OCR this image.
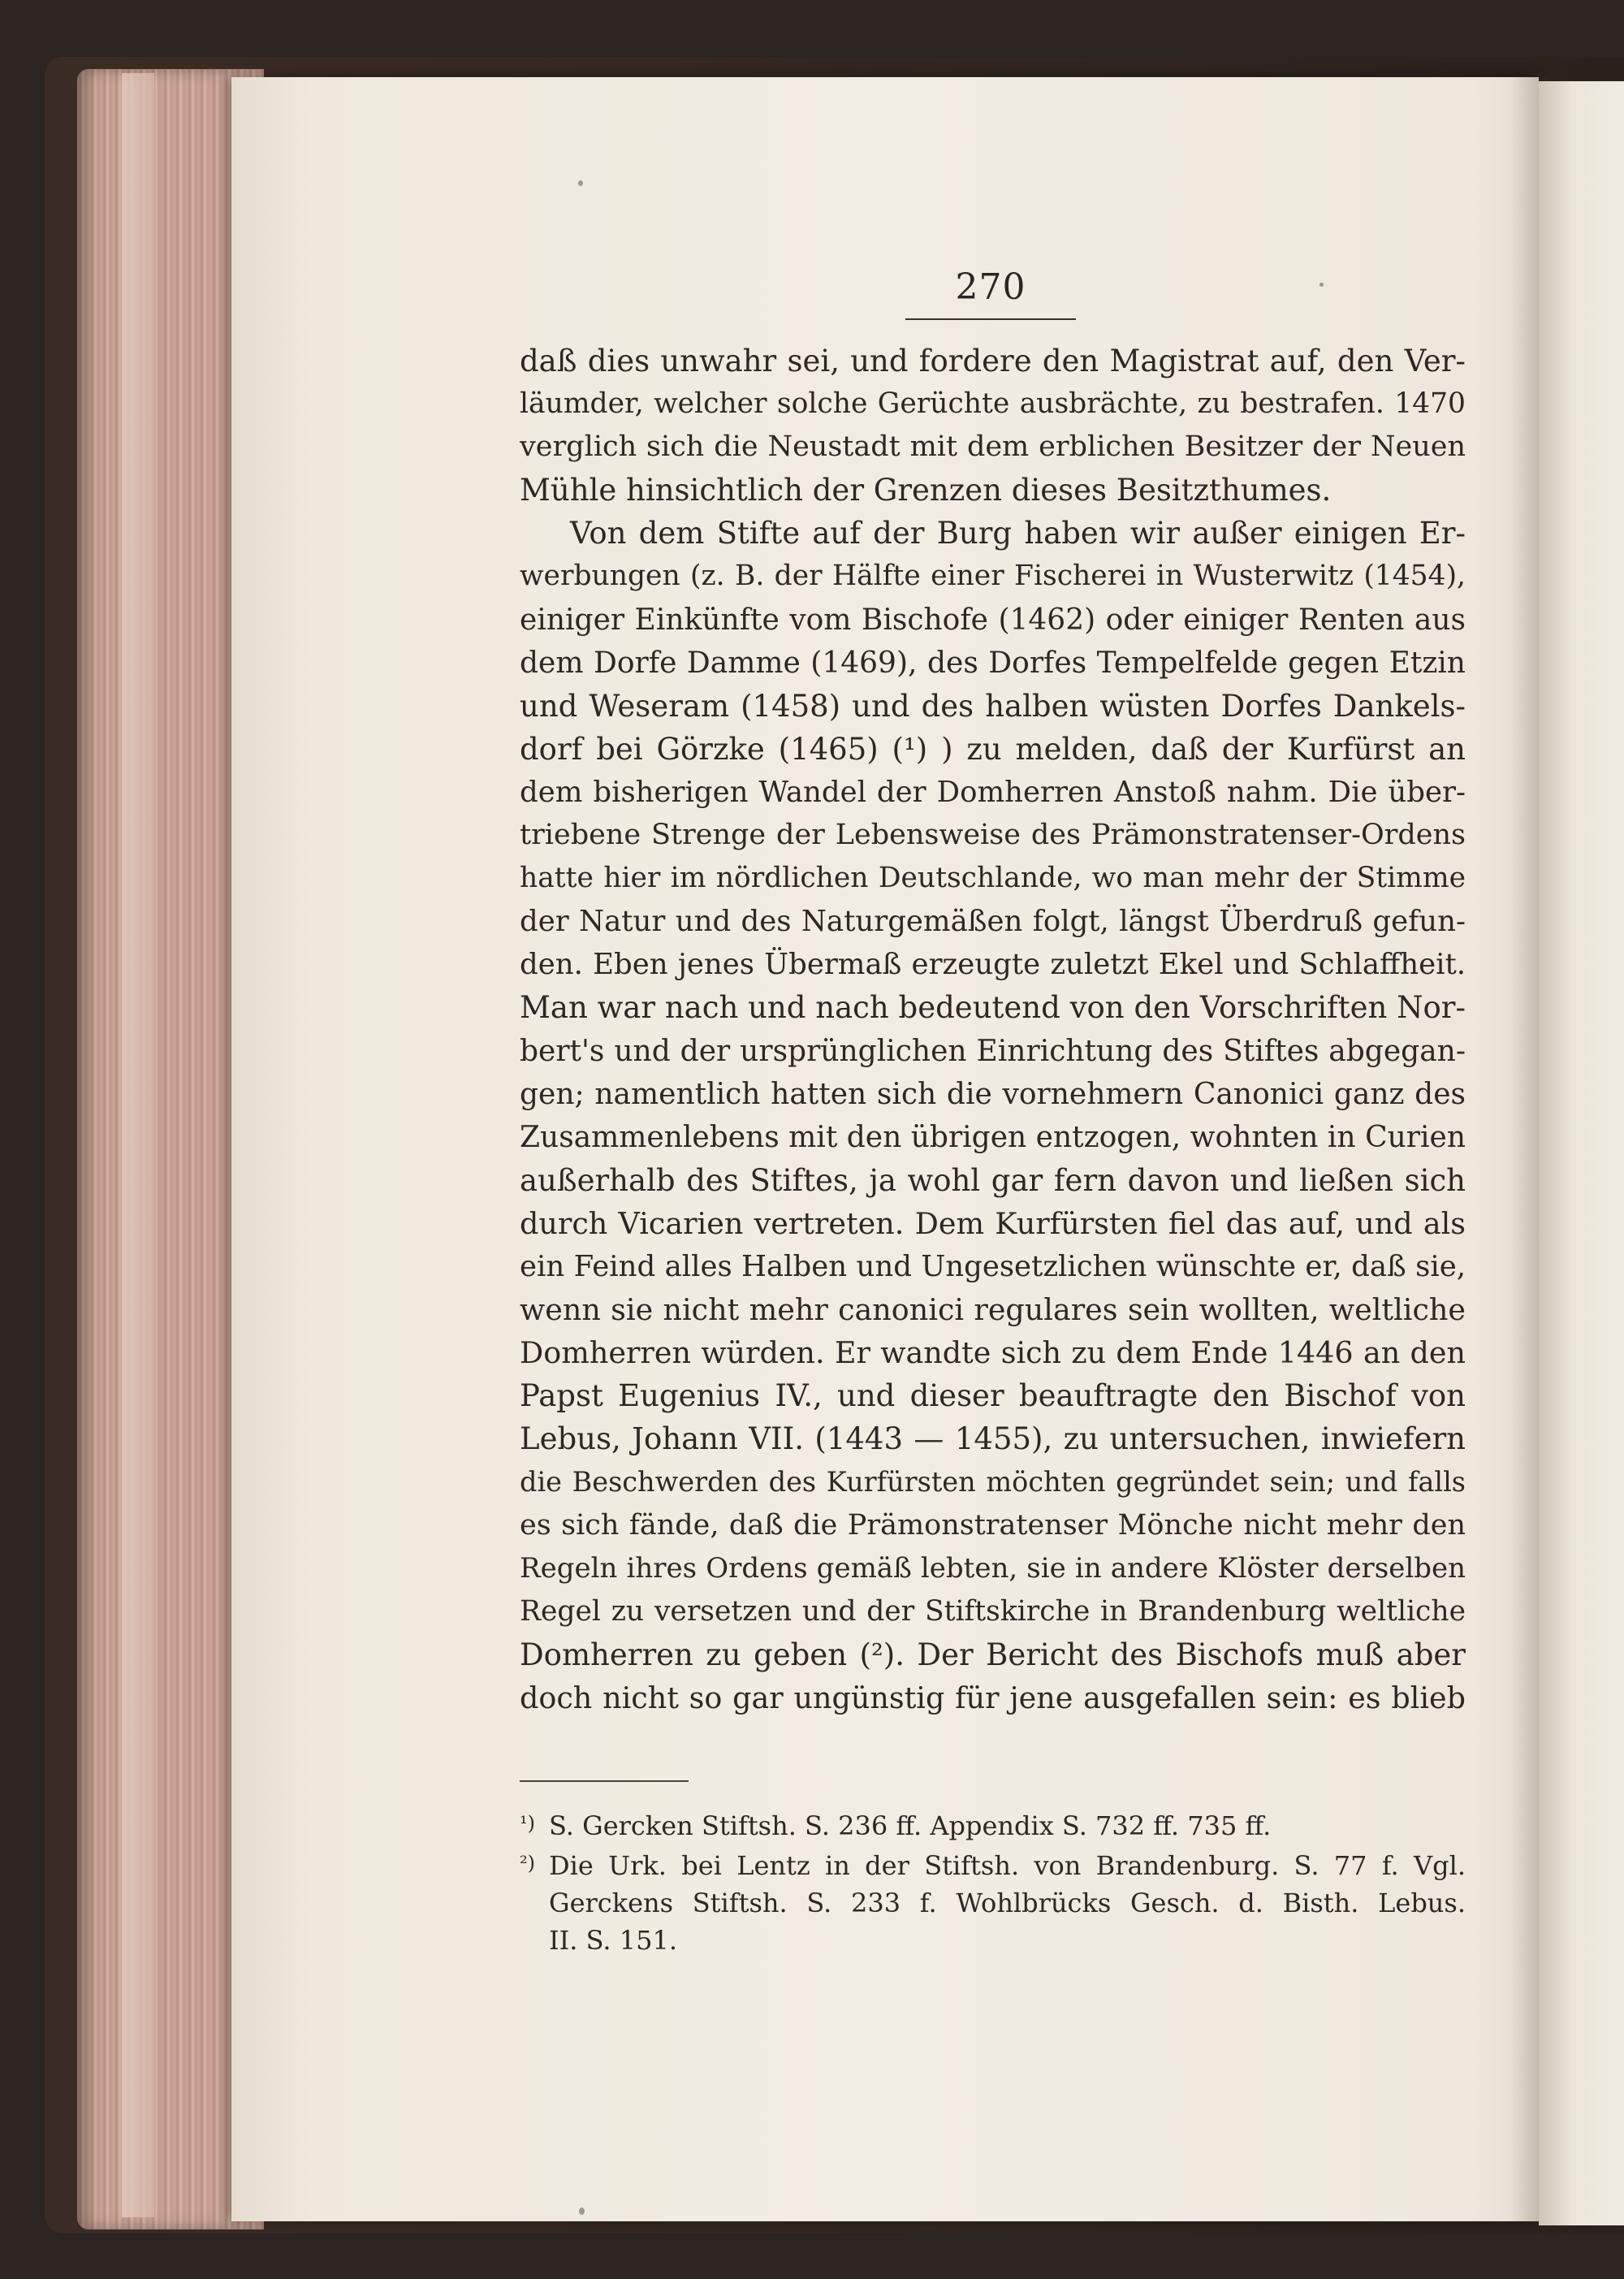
270
daß dies unwahr sei, und fordere den Magistrat auf, den Ver-
läumder, welcher solche Gerüchte ausbrächte, zu bestrafen. 1470
verglich sich die Neustadt mit dem erblichen Besitzer der Neuen
Mühle hinsichtlich der Grenzen dieses Besitzthumes.
Von dem Stifte auf der Burg haben wir außer einigen Er-
werbungen (z. B. der Hälfte einer Fischerei in Wusterwitz (1454),
einiger Einkünfte vom Bischofe (1462) oder einiger Renten aus
dem Dorfe Damme (1469), des Dorfes Tempelfelde gegen Etzin
und Weseram (1458) und des halben wüsten Dorfes Dankels-
dorf bei Görzke (1465) (¹) ) zu melden, daß der Kurfürst an
dem bisherigen Wandel der Domherren Anstoß nahm. Die über-
triebene Strenge der Lebensweise des Prämonstratenser-Ordens
hatte hier im nördlichen Deutschlande, wo man mehr der Stimme
der Natur und des Naturgemäßen folgt, längst Überdruß gefun-
den. Eben jenes Übermaß erzeugte zuletzt Ekel und Schlaffheit.
Man war nach und nach bedeutend von den Vorschriften Nor-
bert's und der ursprünglichen Einrichtung des Stiftes abgegan-
gen; namentlich hatten sich die vornehmern Canonici ganz des
Zusammenlebens mit den übrigen entzogen, wohnten in Curien
außerhalb des Stiftes, ja wohl gar fern davon und ließen sich
durch Vicarien vertreten. Dem Kurfürsten fiel das auf, und als
ein Feind alles Halben und Ungesetzlichen wünschte er, daß sie,
wenn sie nicht mehr canonici regulares sein wollten, weltliche
Domherren würden. Er wandte sich zu dem Ende 1446 an den
Papst Eugenius IV., und dieser beauftragte den Bischof von
Lebus, Johann VII. (1443 — 1455), zu untersuchen, inwiefern
die Beschwerden des Kurfürsten möchten gegründet sein; und falls
es sich fände, daß die Prämonstratenser Mönche nicht mehr den
Regeln ihres Ordens gemäß lebten, sie in andere Klöster derselben
Regel zu versetzen und der Stiftskirche in Brandenburg weltliche
Domherren zu geben (²). Der Bericht des Bischofs muß aber
doch nicht so gar ungünstig für jene ausgefallen sein: es blieb
¹) S. Gercken Stiftsh. S. 236 ff. Appendix S. 732 ff. 735 ff.
²) Die Urk. bei Lentz in der Stiftsh. von Brandenburg. S. 77 f. Vgl.
Gerckens Stiftsh. S. 233 f. Wohlbrücks Gesch. d. Bisth. Lebus.
II. S. 151.
